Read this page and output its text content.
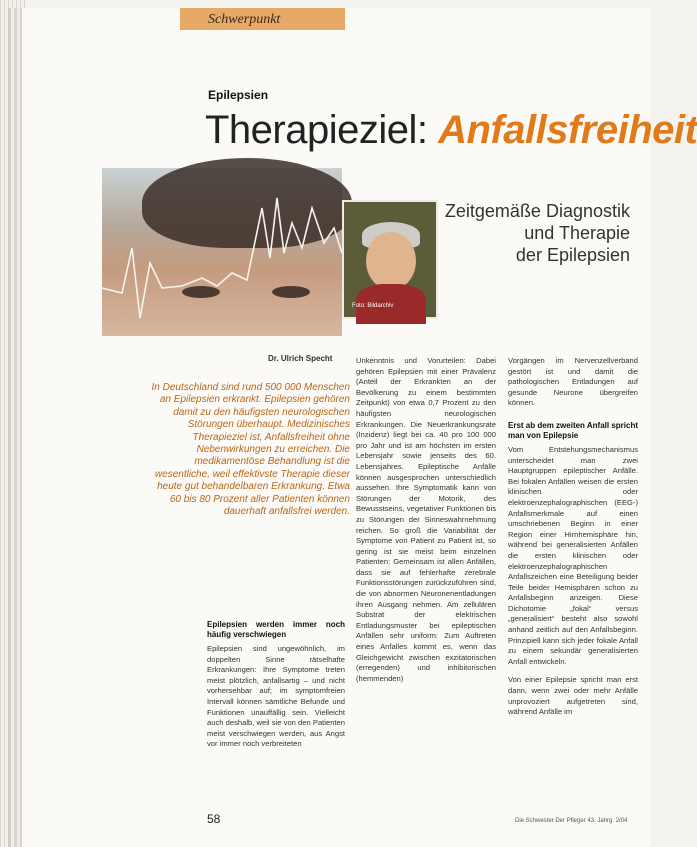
Schwerpunkt
Epilepsien
Therapieziel: Anfallsfreiheit
Foto: Bildarchiv
Zeitgemäße Diagnostik
und Therapie
der Epilepsien
Dr. Ulrich Specht
In Deutschland sind rund 500 000 Menschen an Epilepsien erkrankt. Epilepsien gehören damit zu den häufigsten neurologischen Störungen überhaupt. Medizinisches Therapieziel ist, Anfallsfreiheit ohne Nebenwirkungen zu erreichen. Die medikamentöse Behandlung ist die wesentliche, weil effektivste Therapie dieser heute gut behandelbaren Erkrankung. Etwa 60 bis 80 Prozent aller Patienten können dauerhaft anfallsfrei werden.
Epilepsien werden immer noch häufig verschwiegen

Epilepsien sind ungewöhnlich, im doppelten Sinne rätselhafte Erkrankungen: Ihre Symptome treten meist plötzlich, anfallsartig – und nicht vorhersehbar auf; im symptomfreien Intervall können sämtliche Befunde und Funktionen unauffällig sein. Vielleicht auch deshalb, weil sie von den Patienten meist verschwiegen werden, aus Angst vor immer noch verbreiteten

Unkenntnis und Vorurteilen: Dabei gehören Epilepsien mit einer Prävalenz (Anteil der Erkrankten an der Bevölkerung zu einem bestimmten Zeitpunkt) von etwa 0,7 Prozent zu den häufigsten neurologischen Erkrankungen. Die Neuerkrankungsrate (Inzidenz) liegt bei ca. 40 pro 100 000 pro Jahr und ist am höchsten im ersten Lebensjahr sowie jenseits des 60. Lebensjahres. Epileptische Anfälle können ausgesprochen unterschiedlich aussehen. Ihre Symptomatik kann von Störungen der Motorik, des Bewusstseins, vegetativer Funktionen bis zu Störungen der Sinneswahrnehmung reichen. So groß die Variabilität der Symptome von Patient zu Patient ist, so gering ist sie meist beim einzelnen Patienten: Gemeinsam ist allen Anfällen, dass sie auf fehlerhafte zerebrale Funktionsstörungen zurückzuführen sind, die von abnormen Neuronenentladungen ihren Ausgang nehmen. Am zellulären Substrat der elektrischen Entladungsmuster bei epileptischen Anfällen sehr uniform: Zum Auftreten eines Anfalles kommt es, wenn das Gleichgewicht zwischen exzitatorischen (erregenden) und inhibitorischen (hemmenden)

Vorgängen im Nervenzellverband gestört ist und damit die pathologischen Entladungen auf gesunde Neurone übergreifen können.

Erst ab dem zweiten Anfall spricht man von Epilepsie

Vom Entstehungsmechanismus unterscheidet man zwei Hauptgruppen epileptischer Anfälle. Bei fokalen Anfällen weisen die ersten klinischen oder elektroenzephalographischen (EEG-) Anfallsmerkmale auf einen umschriebenen Beginn in einer Region einer Hirnhemisphäre hin, während bei generalisierten Anfällen die ersten klinischen oder elektroenzephalographischen Anfallszeichen eine Beteiligung beider Teile beider Hemisphären schon zu Anfallsbeginn anzeigen. Diese Dichotomie „fokal“ versus „generalisiert“ besteht also sowohl anhand zeitlich auf den Anfallsbeginn. Prinzipiell kann sich jeder fokale Anfall zu einem sekundär generalisierten Anfall entwickeln.

Von einer Epilepsie spricht man erst dann, wenn zwei oder mehr Anfälle unprovoziert aufgetreten sind, während Anfälle im

58	Die Schwester Der Pfleger 43. Jahrg. 2/04
